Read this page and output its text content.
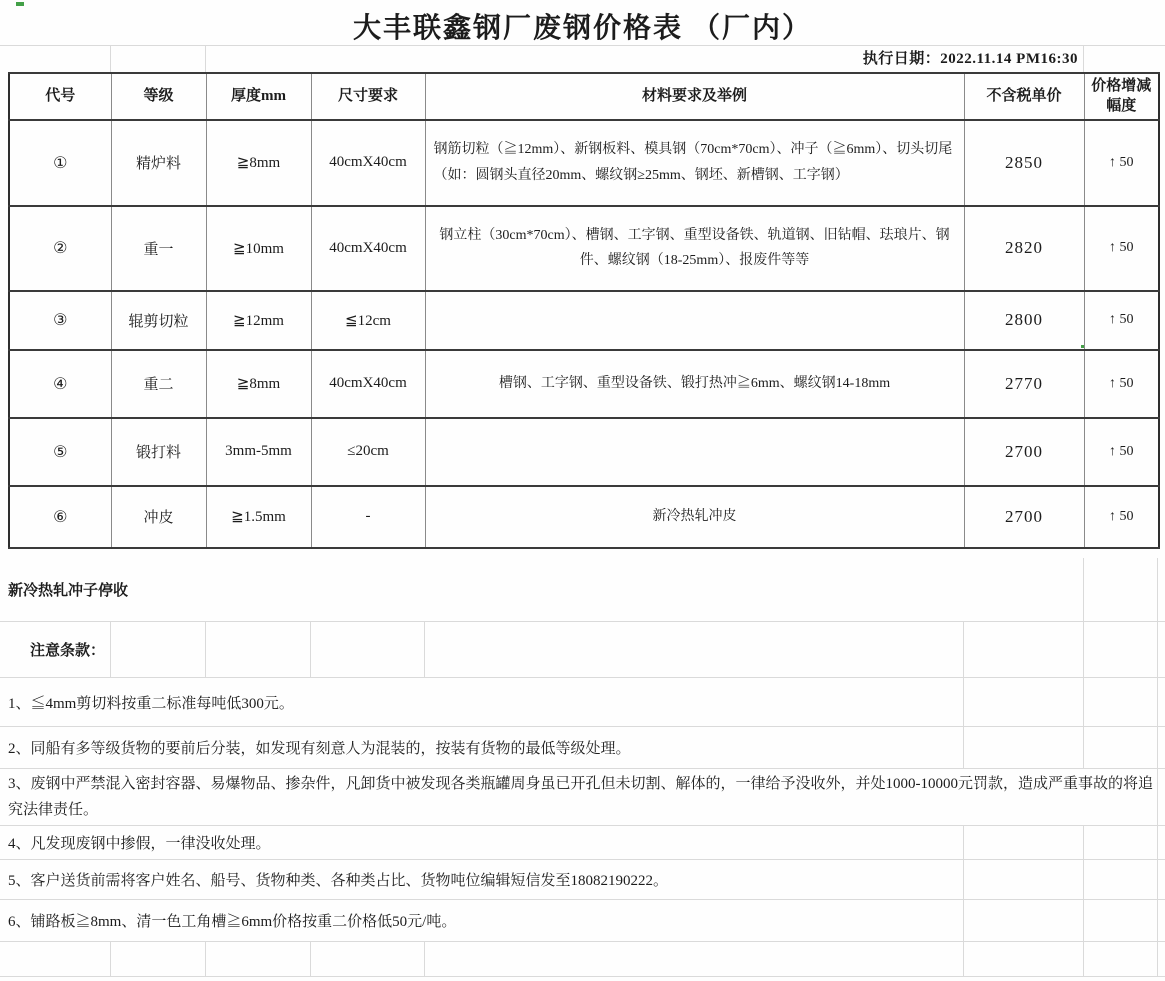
大丰联鑫钢厂废钢价格表 （厂内）
执行日期：2022.11.14 PM16:30
代号	等级	厚度mm	尺寸要求	材料要求及举例	不含税单价	价格增减幅度
①	精炉料	≧8mm	40cmX40cm	钢筋切粒（≧12mm）、新钢板料、模具钢（70cm*70cm）、冲子（≧6mm）、切头切尾（如：圆钢头直径20mm、螺纹钢≥25mm、钢坯、新槽钢、工字钢）	2850	↑ 50
②	重一	≧10mm	40cmX40cm	钢立柱（30cm*70cm）、槽钢、工字钢、重型设备铁、轨道钢、旧钻帽、珐琅片、钢件、螺纹钢（18-25mm）、报废件等等	2820	↑ 50
③	辊剪切粒	≧12mm	≦12cm		2800	↑ 50
④	重二	≧8mm	40cmX40cm	槽钢、工字钢、重型设备铁、锻打热冲≧6mm、螺纹钢14-18mm	2770	↑ 50
⑤	锻打料	3mm-5mm	≤20cm		2700	↑ 50
⑥	冲皮	≧1.5mm	-	新冷热轧冲皮	2700	↑ 50
新冷热轧冲子停收
注意条款：
1、≦4mm剪切料按重二标准每吨低300元。
2、同船有多等级货物的要前后分装，如发现有刻意人为混装的，按装有货物的最低等级处理。
3、废钢中严禁混入密封容器、易爆物品、掺杂件，凡卸货中被发现各类瓶罐周身虽已开孔但未切割、解体的，一律给予没收外，并处1000-10000元罚款，造成严重事故的将追究法律责任。
4、凡发现废钢中掺假，一律没收处理。
5、客户送货前需将客户姓名、船号、货物种类、各种类占比、货物吨位编辑短信发至18082190222。
6、铺路板≧8mm、清一色工角槽≧6mm价格按重二价格低50元/吨。
